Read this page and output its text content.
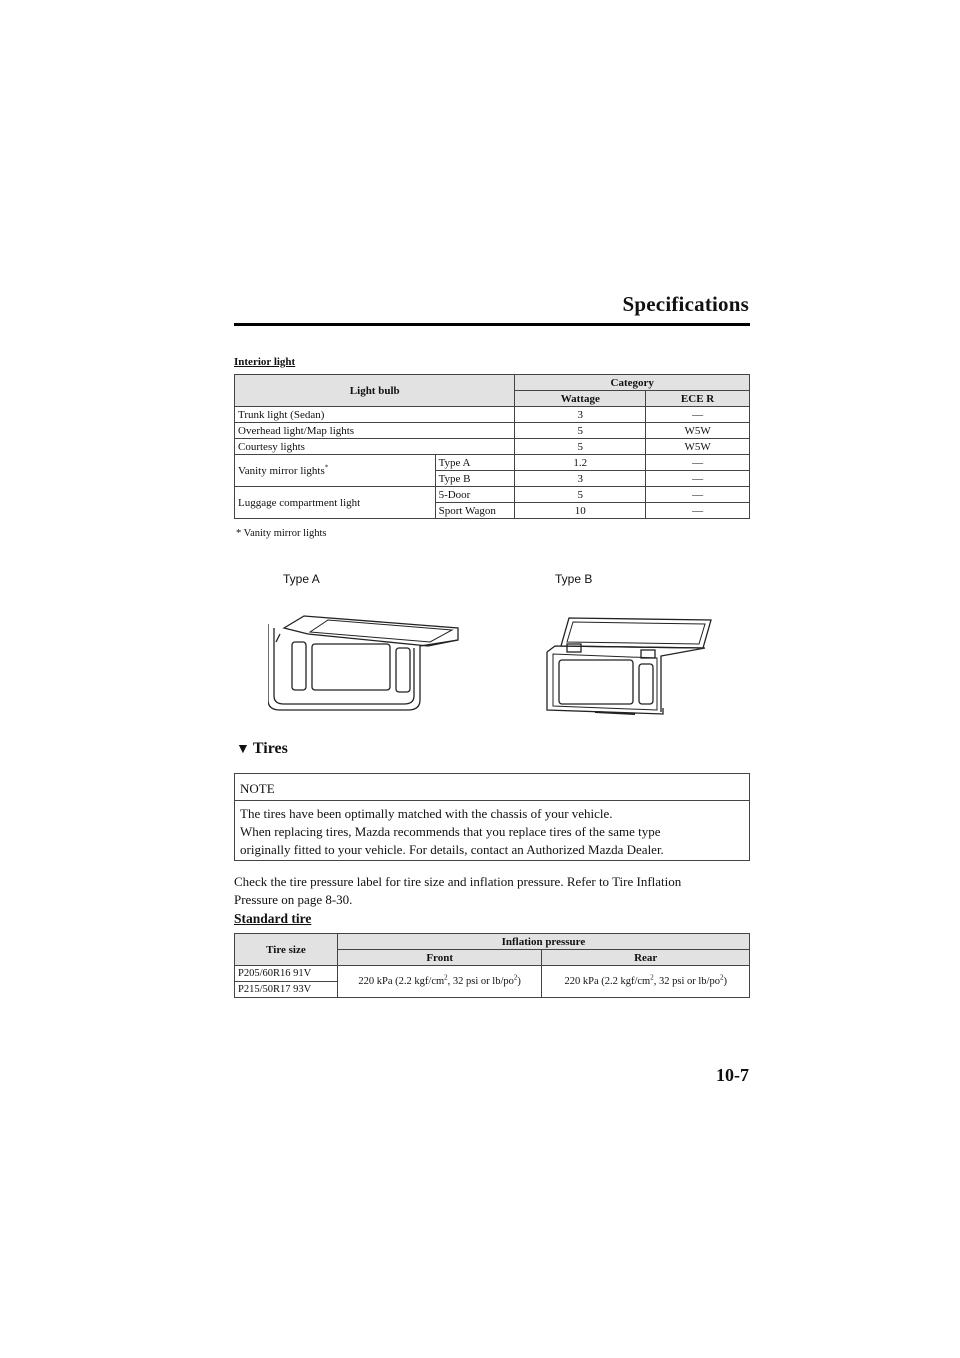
Specifications
Interior light
Light bulb		Category	
		Wattage	ECE R
Trunk light (Sedan)		3	—
Overhead light/Map lights		5	W5W
Courtesy lights		5	W5W
Vanity mirror lights*	Type A	1.2	—
	Type B	3	—
Luggage compartment light	5-Door	5	—
	Sport Wagon	10	—
* Vanity mirror lights
Type A	Type B
▼ Tires
NOTE
The tires have been optimally matched with the chassis of your vehicle.
When replacing tires, Mazda recommends that you replace tires of the same type
originally fitted to your vehicle. For details, contact an Authorized Mazda Dealer.
Check the tire pressure label for tire size and inflation pressure. Refer to Tire Inflation
Pressure on page 8-30.
Standard tire
Tire size	Inflation pressure	
	Front	Rear
P205/60R16 91V	220 kPa (2.2 kgf/$cm^2$, 32 psi or $lb/po^2$)	220 kPa (2.2 kgf/$cm^2$, 32 psi or $lb/po^2$)
P215/50R17 93V		
10-7
